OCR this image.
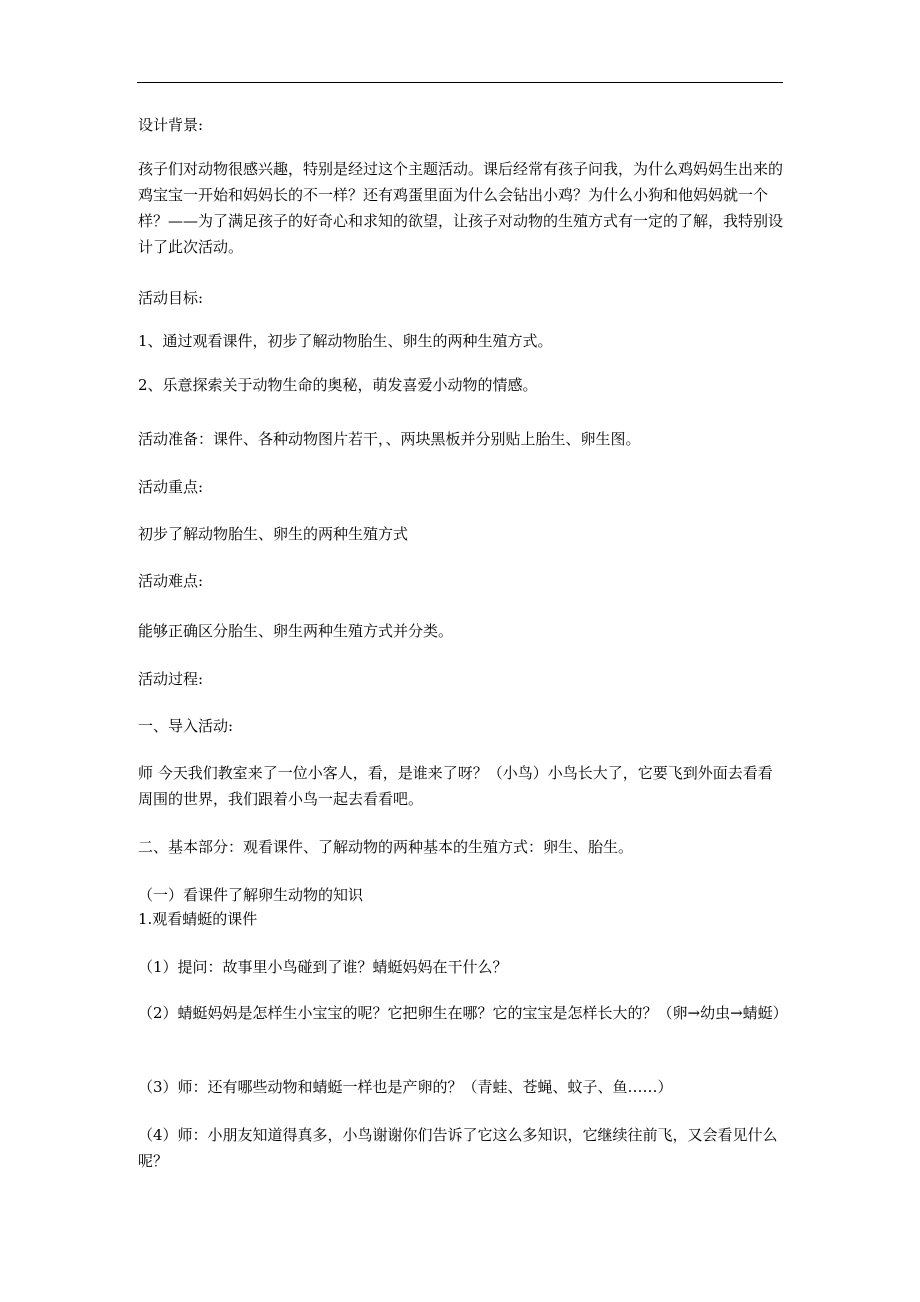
设计背景:

孩子们对动物很感兴趣，特别是经过这个主题活动。课后经常有孩子问我，为什么鸡妈妈生出来的鸡宝宝一开始和妈妈长的不一样？还有鸡蛋里面为什么会钻出小鸡？为什么小狗和他妈妈就一个样？——为了满足孩子的好奇心和求知的欲望，让孩子对动物的生殖方式有一定的了解，我特别设计了此次活动。

活动目标:

1、通过观看课件，初步了解动物胎生、卵生的两种生殖方式。

2、乐意探索关于动物生命的奥秘，萌发喜爱小动物的情感。

活动准备：课件、各种动物图片若干，、两块黑板并分别贴上胎生、卵生图。

活动重点:

初步了解动物胎生、卵生的两种生殖方式

活动难点:

能够正确区分胎生、卵生两种生殖方式并分类。

活动过程:

一、导入活动:

师 今天我们教室来了一位小客人，看，是谁来了呀？（小鸟）小鸟长大了，它要飞到外面去看看周围的世界，我们跟着小鸟一起去看看吧。

二、基本部分：观看课件、了解动物的两种基本的生殖方式：卵生、胎生。

（一）看课件了解卵生动物的知识

1.观看蜻蜓的课件

（1）提问：故事里小鸟碰到了谁？蜻蜓妈妈在干什么？

（2）蜻蜓妈妈是怎样生小宝宝的呢？它把卵生在哪？它的宝宝是怎样长大的？（卵→幼虫→蜻蜓）

（3）师：还有哪些动物和蜻蜓一样也是产卵的？（青蛙、苍蝇、蚊子、鱼……）

（4）师：小朋友知道得真多，小鸟谢谢你们告诉了它这么多知识，它继续往前飞，又会看见什么呢？
